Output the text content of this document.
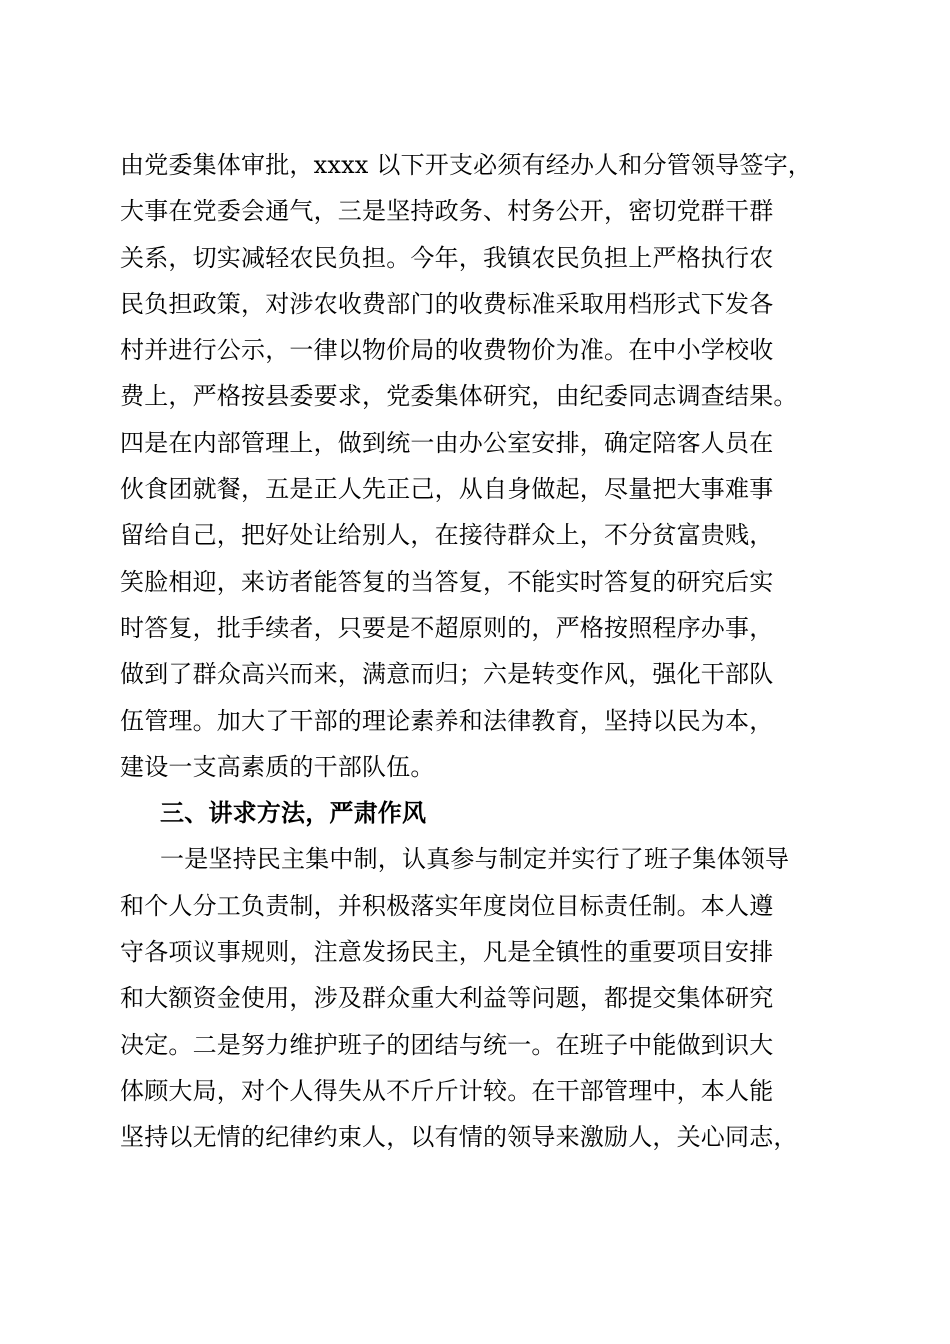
由党委集体审批，xxxx 以下开支必须有经办人和分管领导签字，
大事在党委会通气，三是坚持政务、村务公开，密切党群干群
关系，切实减轻农民负担。今年，我镇农民负担上严格执行农
民负担政策，对涉农收费部门的收费标准采取用档形式下发各
村并进行公示，一律以物价局的收费物价为准。在中小学校收
费上，严格按县委要求，党委集体研究，由纪委同志调查结果。
四是在内部管理上，做到统一由办公室安排，确定陪客人员在
伙食团就餐，五是正人先正己，从自身做起，尽量把大事难事
留给自己，把好处让给别人，在接待群众上，不分贫富贵贱，
笑脸相迎，来访者能答复的当答复，不能实时答复的研究后实
时答复，批手续者，只要是不超原则的，严格按照程序办事，
做到了群众高兴而来，满意而归；六是转变作风，强化干部队
伍管理。加大了干部的理论素养和法律教育，坚持以民为本，
建设一支高素质的干部队伍。
三、讲求方法，严肃作风
一是坚持民主集中制，认真参与制定并实行了班子集体领导
和个人分工负责制，并积极落实年度岗位目标责任制。本人遵
守各项议事规则，注意发扬民主，凡是全镇性的重要项目安排
和大额资金使用，涉及群众重大利益等问题，都提交集体研究
决定。二是努力维护班子的团结与统一。在班子中能做到识大
体顾大局，对个人得失从不斤斤计较。在干部管理中，本人能
坚持以无情的纪律约束人，以有情的领导来激励人，关心同志，
